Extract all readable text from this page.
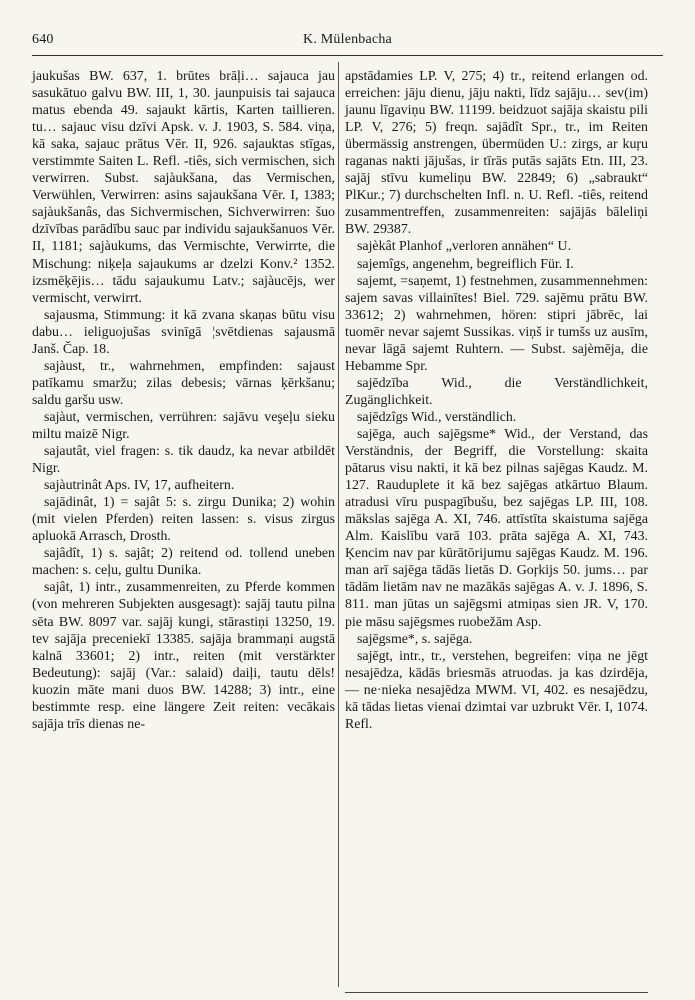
640	K. Mülenbacha

jaukušas BW. 637, 1. brūtes brāļi… sajauca jau sasukātuo galvu BW. III, 1, 30. jaunpuisis tai sajauca matus ebenda 49. sajaukt kārtis, Karten taillieren. tu… sajauc visu dzīvi Apsk. v. J. 1903, S. 584. viņa, kā saka, sajauc prātus Vēr. II, 926. sajauktas stīgas, verstimmte Saiten L. Refl. -tiês, sich vermischen, sich verwirren. Subst. sajàukšana, das Vermischen, Verwühlen, Verwirren: asins sajaukšana Vēr. I, 1383; sajàukšanâs, das Sichvermischen, Sichverwirren: šuo dzīvības parādību sauc par individu sajaukšanuos Vēr. II, 1181; sajàukums, das Vermischte, Verwirrte, die Mischung: niķeļa sajaukums ar dzelzi Konv.² 1352. izsmēķējis… tādu sajaukumu Latv.; sajàucējs, wer vermischt, verwirrt.

sajausma, Stimmung: it kā zvana skaņas būtu visu dabu… ieliguojušas svinīgā ¦svētdienas sajausmā Janš. Čap. 18.

sajàust, tr., wahrnehmen, empfinden: sajaust patīkamu smaržu; zilas debesis; vārnas ķērkšanu; saldu garšu usw.

sajàut, vermischen, verrühren: sajāvu veşeļu sieku miltu maizē Nigr.

sajautât, viel fragen: s. tik daudz, ka nevar atbildēt Nigr.

sajàutrinât Aps. IV, 17, aufheitern.

sajādinât, 1) = sajât 5: s. zirgu Dunika; 2) wohin (mit vielen Pferden) reiten lassen: s. visus zirgus apluokā Arrasch, Drosth.

sajâdît, 1) s. sajât; 2) reitend od. tollend uneben machen: s. ceļu, gultu Dunika.

sajât, 1) intr., zusammenreiten, zu Pferde kommen (von mehreren Subjekten ausgesagt): sajāj tautu pilna sēta BW. 8097 var. sajāj kungi, stārastiņi 13250, 19. tev sajāja preceniekī 13385. sajāja brammaņi augstā kalnā 33601; 2) intr., reiten (mit verstärkter Bedeutung): sajāj (Var.: salaid) daiļi, tautu dēls! kuozin māte mani duos BW. 14288; 3) intr., eine bestimmte resp. eine längere Zeit reiten: vecākais sajāja trīs dienas ne-

apstādamies LP. V, 275; 4) tr., reitend erlangen od. erreichen: jāju dienu, jāju nakti, līdz sajāju… sev(im) jaunu līgaviņu BW. 11199. beidzuot sajāja skaistu pili LP. V, 276; 5) freqn. sajādît Spr., tr., im Reiten übermässig anstrengen, übermüden U.: zirgs, ar kuŗu raganas nakti jājušas, ir tīrās putās sajāts Etn. III, 23. sajāj stīvu kumeliņu BW. 22849; 6) „sabraukt“ PlKur.; 7) durchschelten Infl. n. U. Refl. -tiês, reitend zusammentreffen, zusammenreiten: sajājās bāleliņi BW. 29387.

sajèkât Planhof „verloren annähen“ U.

sajemîgs, angenehm, begreiflich Für. I.

sajemt, =saņemt, 1) festnehmen, zusammennehmen: sajem savas villainītes! Biel. 729. sajēmu prātu BW. 33612; 2) wahrnehmen, hören: stipri jābrēc, lai tuomēr nevar sajemt Sussikas. viņš ir tumšs uz ausīm, nevar lāgā sajemt Ruhtern. — Subst. sajèmēja, die Hebamme Spr.

sajēdzība Wid., die Verständlichkeit, Zugänglichkeit.

sajēdzîgs Wid., verständlich.

sajēga, auch sajēgsme* Wid., der Verstand, das Verständnis, der Begriff, die Vorstellung: skaita pātarus visu nakti, it kā bez pilnas sajēgas Kaudz. M. 127. Rauduplete it kā bez sajēgas atkārtuo Blaum. atradusi vīru puspagībušu, bez sajēgas LP. III, 108. mākslas sajēga A. XI, 746. attīstīta skaistuma sajēga Alm. Kaislību varā 103. prāta sajēga A. XI, 743. Ķencim nav par kūrātōrijumu sajēgas Kaudz. M. 196. man arī sajēga tādās lietās D. Goŗkijs 50. jums… par tādām lietām nav ne mazākās sajēgas A. v. J. 1896, S. 811. man jūtas un sajēgsmi atmiņas sien JR. V, 170. pie māsu sajēgsmes ruobežām Asp.

sajēgsme*, s. sajēga.

sajēgt, intr., tr., verstehen, begreifen: viņa ne jēgt nesajēdza, kādās briesmās atruodas. ja kas dzirdēja, — ne·nieka nesajēdza MWM. VI, 402. es nesajēdzu, kā tādas lietas vienai dzimtai var uzbrukt Vēr. I, 1074. Refl.
